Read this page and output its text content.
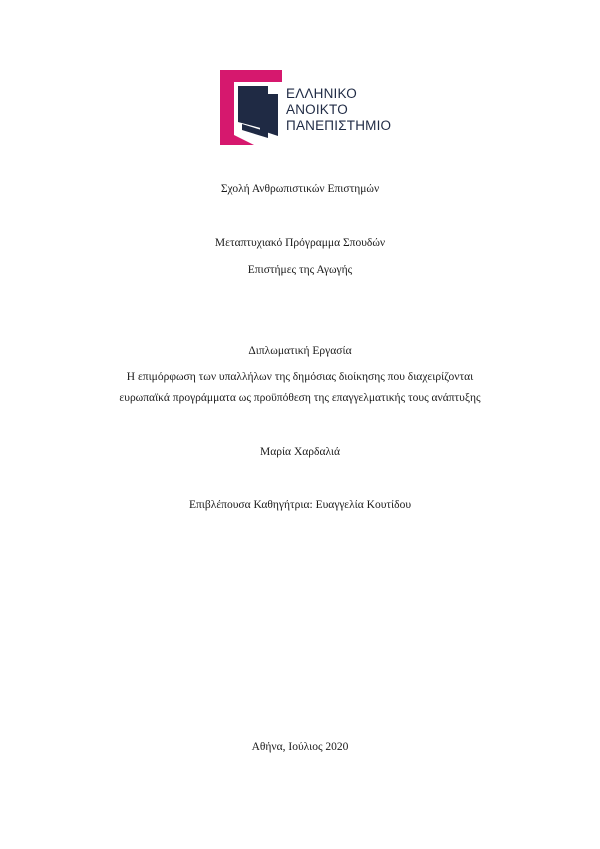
ΕΛΛΗΝΙΚΟ
ΑΝΟΙΚΤΟ
ΠΑΝΕΠΙΣΤΗΜΙΟ
Σχολή Ανθρωπιστικών Επιστημών
Μεταπτυχιακό Πρόγραμμα Σπουδών
Επιστήμες της Αγωγής
Διπλωματική Εργασία
Η επιμόρφωση των υπαλλήλων της δημόσιας διοίκησης που διαχειρίζονται
ευρωπαϊκά προγράμματα ως προϋπόθεση της επαγγελματικής τους ανάπτυξης
Μαρία Χαρδαλιά
Επιβλέπουσα Καθηγήτρια: Ευαγγελία Κουτίδου
Αθήνα, Ιούλιος 2020
